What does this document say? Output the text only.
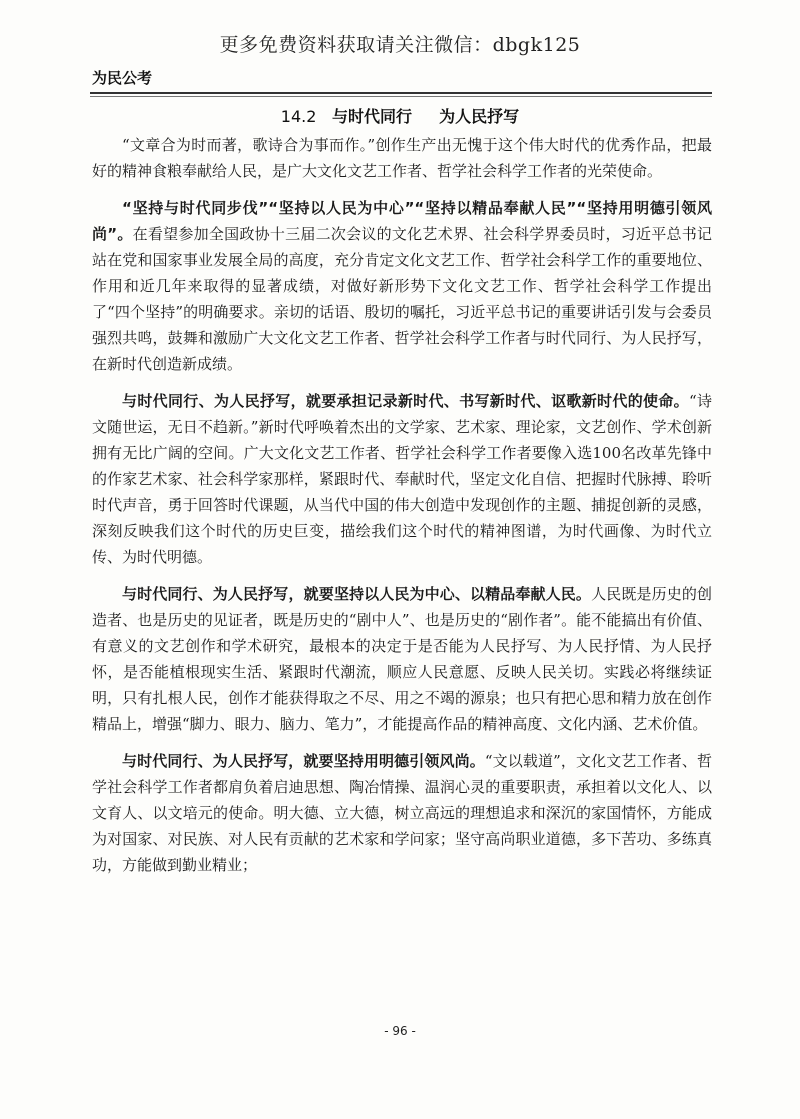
更多免费资料获取请关注微信：dbgk125
为民公考
14.2 与时代同行 为人民抒写

“文章合为时而著，歌诗合为事而作。”创作生产出无愧于这个伟大时代的优秀作品，把最好的精神食粮奉献给人民，是广大文化文艺工作者、哲学社会科学工作者的光荣使命。

“坚持与时代同步伐”“坚持以人民为中心”“坚持以精品奉献人民”“坚持用明德引领风尚”。在看望参加全国政协十三届二次会议的文化艺术界、社会科学界委员时，习近平总书记站在党和国家事业发展全局的高度，充分肯定文化文艺工作、哲学社会科学工作的重要地位、作用和近几年来取得的显著成绩，对做好新形势下文化文艺工作、哲学社会科学工作提出了“四个坚持”的明确要求。亲切的话语、殷切的嘱托，习近平总书记的重要讲话引发与会委员强烈共鸣，鼓舞和激励广大文化文艺工作者、哲学社会科学工作者与时代同行、为人民抒写，在新时代创造新成绩。

与时代同行、为人民抒写，就要承担记录新时代、书写新时代、讴歌新时代的使命。“诗文随世运，无日不趋新。”新时代呼唤着杰出的文学家、艺术家、理论家，文艺创作、学术创新拥有无比广阔的空间。广大文化文艺工作者、哲学社会科学工作者要像入选100名改革先锋中的作家艺术家、社会科学家那样，紧跟时代、奉献时代，坚定文化自信、把握时代脉搏、聆听时代声音，勇于回答时代课题，从当代中国的伟大创造中发现创作的主题、捕捉创新的灵感，深刻反映我们这个时代的历史巨变，描绘我们这个时代的精神图谱，为时代画像、为时代立传、为时代明德。

与时代同行、为人民抒写，就要坚持以人民为中心、以精品奉献人民。人民既是历史的创造者、也是历史的见证者，既是历史的“剧中人”、也是历史的“剧作者”。能不能搞出有价值、有意义的文艺创作和学术研究，最根本的决定于是否能为人民抒写、为人民抒情、为人民抒怀，是否能植根现实生活、紧跟时代潮流，顺应人民意愿、反映人民关切。实践必将继续证明，只有扎根人民，创作才能获得取之不尽、用之不竭的源泉；也只有把心思和精力放在创作精品上，增强“脚力、眼力、脑力、笔力”，才能提高作品的精神高度、文化内涵、艺术价值。

与时代同行、为人民抒写，就要坚持用明德引领风尚。“文以载道”，文化文艺工作者、哲学社会科学工作者都肩负着启迪思想、陶冶情操、温润心灵的重要职责，承担着以文化人、以文育人、以文培元的使命。明大德、立大德，树立高远的理想追求和深沉的家国情怀，方能成为对国家、对民族、对人民有贡献的艺术家和学问家；坚守高尚职业道德，多下苦功、多练真功，方能做到勤业精业；

- 96 -
